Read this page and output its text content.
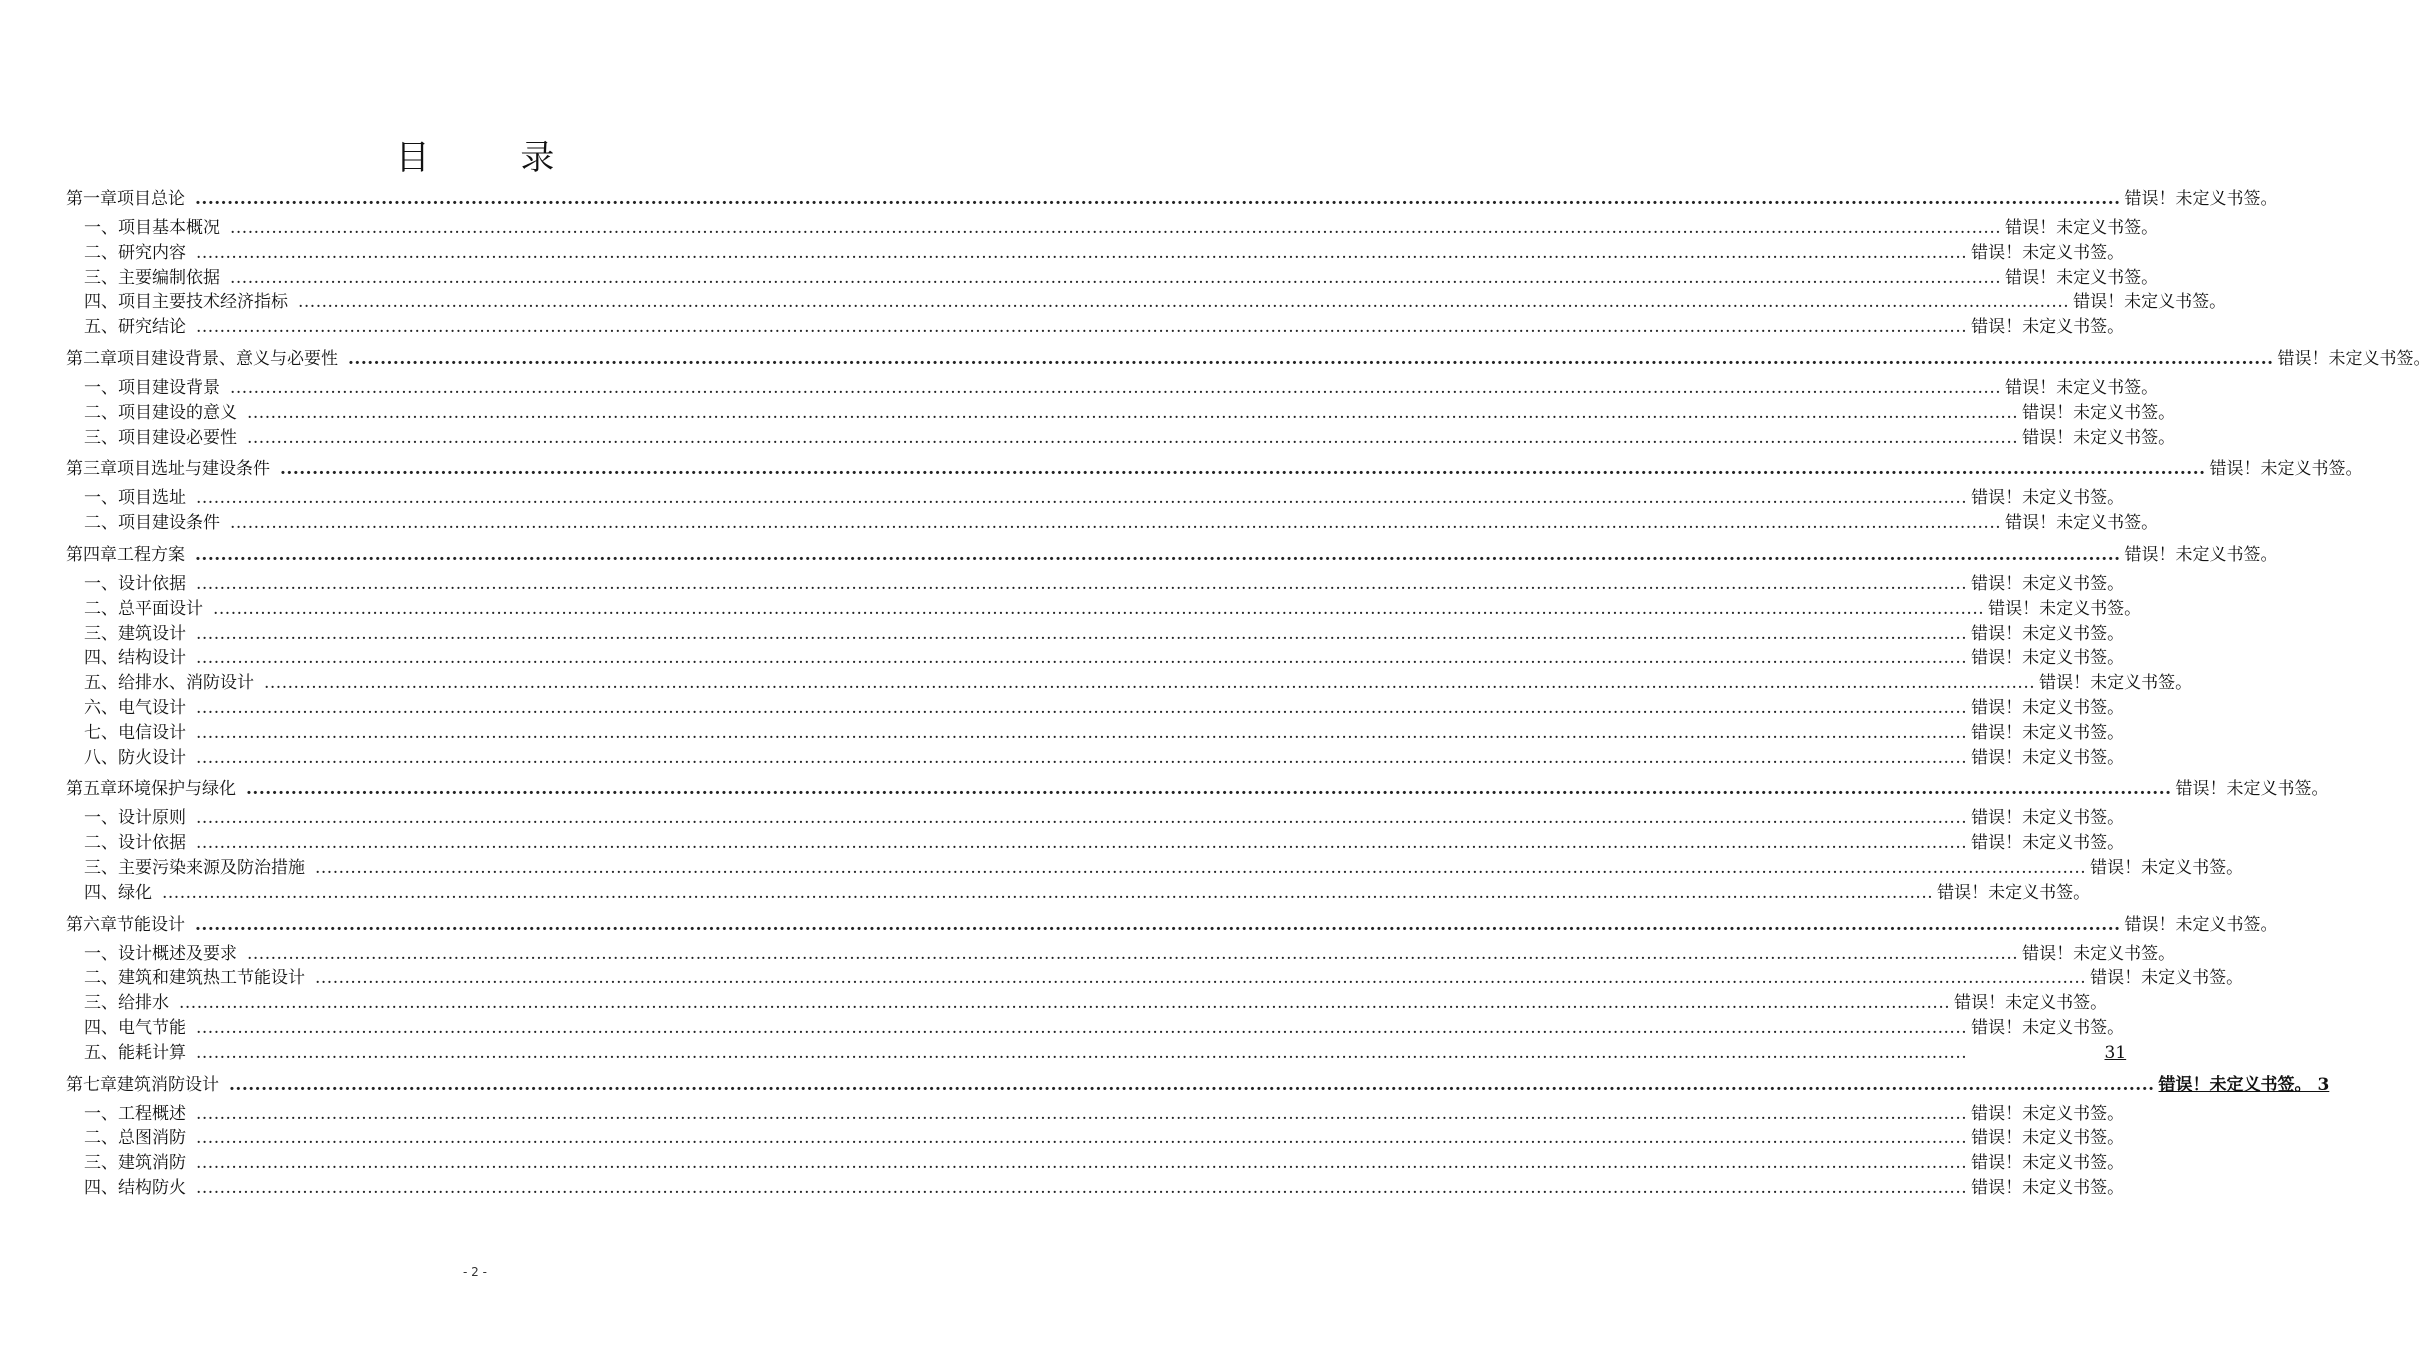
目 录
第一章 项目总论 ............................................................................................................................................................................................................................................................................................................ 错误！未定义书签。
一、 项目基本概况 ............................................................................................................................................................................................................................................................................................................ 错误！未定义书签。
二、 研究内容 ............................................................................................................................................................................................................................................................................................................ 错误！未定义书签。
三、 主要编制依据 ............................................................................................................................................................................................................................................................................................................ 错误！未定义书签。
四、 项目主要技术经济指标 ............................................................................................................................................................................................................................................................................................................ 错误！未定义书签。
五、 研究结论 ............................................................................................................................................................................................................................................................................................................ 错误！未定义书签。
第二章 项目建设背景、意义与必要性 ............................................................................................................................................................................................................................................................................................................ 错误！未定义书签。
一、 项目建设背景 ............................................................................................................................................................................................................................................................................................................ 错误！未定义书签。
二、 项目建设的意义 ............................................................................................................................................................................................................................................................................................................ 错误！未定义书签。
三、 项目建设必要性 ............................................................................................................................................................................................................................................................................................................ 错误！未定义书签。
第三章 项目选址与建设条件 ............................................................................................................................................................................................................................................................................................................ 错误！未定义书签。
一、 项目选址 ............................................................................................................................................................................................................................................................................................................ 错误！未定义书签。
二、 项目建设条件 ............................................................................................................................................................................................................................................................................................................ 错误！未定义书签。
第四章 工程方案 ............................................................................................................................................................................................................................................................................................................ 错误！未定义书签。
一、 设计依据 ............................................................................................................................................................................................................................................................................................................ 错误！未定义书签。
二、 总平面设计 ............................................................................................................................................................................................................................................................................................................ 错误！未定义书签。
三、 建筑设计 ............................................................................................................................................................................................................................................................................................................ 错误！未定义书签。
四、 结构设计 ............................................................................................................................................................................................................................................................................................................ 错误！未定义书签。
五、 给排水、消防设计 ............................................................................................................................................................................................................................................................................................................ 错误！未定义书签。
六、 电气设计 ............................................................................................................................................................................................................................................................................................................ 错误！未定义书签。
七、 电信设计 ............................................................................................................................................................................................................................................................................................................ 错误！未定义书签。
八、 防火设计 ............................................................................................................................................................................................................................................................................................................ 错误！未定义书签。
第五章 环境保护与绿化 ............................................................................................................................................................................................................................................................................................................ 错误！未定义书签。
一、 设计原则 ............................................................................................................................................................................................................................................................................................................ 错误！未定义书签。
二、 设计依据 ............................................................................................................................................................................................................................................................................................................ 错误！未定义书签。
三、 主要污染来源及防治措施 ............................................................................................................................................................................................................................................................................................................ 错误！未定义书签。
四、 绿化 ............................................................................................................................................................................................................................................................................................................ 错误！未定义书签。
第六章 节能设计 ............................................................................................................................................................................................................................................................................................................ 错误！未定义书签。
一、 设计概述及要求 ............................................................................................................................................................................................................................................................................................................ 错误！未定义书签。
二、 建筑和建筑热工节能设计 ............................................................................................................................................................................................................................................................................................................ 错误！未定义书签。
三、 给排水 ............................................................................................................................................................................................................................................................................................................ 错误！未定义书签。
四、 电气节能 ............................................................................................................................................................................................................................................................................................................ 错误！未定义书签。
五、 能耗计算 ............................................................................................................................................................................................................................................................................................................	31
第七章 建筑消防设计 ............................................................................................................................................................................................................................................................................................................ 错误！未定义书签。 3
一、 工程概述 ............................................................................................................................................................................................................................................................................................................ 错误！未定义书签。
二、 总图消防 ............................................................................................................................................................................................................................................................................................................ 错误！未定义书签。
三、 建筑消防 ............................................................................................................................................................................................................................................................................................................ 错误！未定义书签。
四、 结构防火 ............................................................................................................................................................................................................................................................................................................ 错误！未定义书签。
- 2 -
